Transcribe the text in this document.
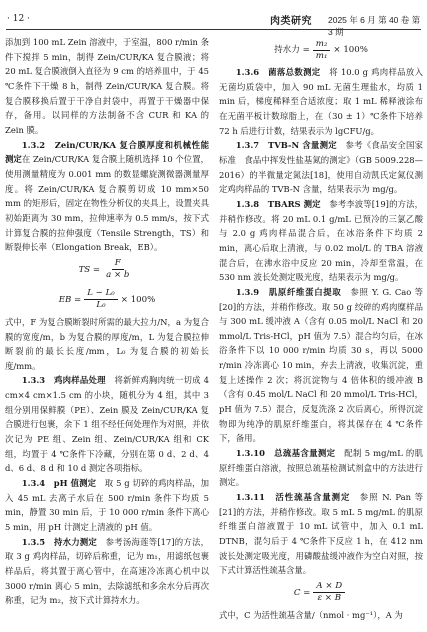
· 12 ·	肉类研究 2025 年 6 月 第 40 卷 第 3 期

添加到 100 mL Zein 溶液中，于室温，800 r/min 条件下搅拌 5 min，制得 Zein/CUR/KA 复合膜液；将 20 mL 复合膜液倒入直径为 9 cm 的培养皿中，于 45 ℃条件下干燥 8 h，制得 Zein/CUR/KA 复合膜。将复合膜移换后置于干净自封袋中，再置于干燥器中保存，备用。以同样的方法制备不含 CUR 和 KA 的 Zein 膜。

1.3.2　Zein/CUR/KA 复合膜厚度和机械性能测定在 Zein/CUR/KA 复合膜上随机选择 10 个位置，使用测量精度为 0.001 mm 的数显螺旋测微器测量厚度。将 Zein/CUR/KA 复合膜剪切成 10 mm×50 mm 的矩形后，固定在物性分析仪的夹具上，设置夹具初始距离为 30 mm，拉伸速率为 0.5 mm/s，按下式计算复合膜的拉伸强度（Tensile Strength，TS）和断裂伸长率（Elongation Break，EB）。

TS = $\frac{F}{a \times b}$
EB = $\frac{\text{L − L₀}}{\text{L₀}} \times 100\%$

式中，F 为复合膜断裂时所需的最大拉力/N，a 为复合膜的宽度/m，b 为复合膜的厚度/m，L 为复合膜拉伸断裂前的最长长度/mm，L₀ 为复合膜的初始长度/mm。

1.3.3　鸡肉样品处理　 将新鲜鸡胸肉统一切成 4 cm×4 cm×1.5 cm 的小块，随机分为 4 组，其中 3 组分别用保鲜膜（PE）、Zein 膜及 Zein/CUR/KA 复合膜进行包裹，余下 1 组不经任何处理作为对照，并依次记为 PE 组、Zein 组、Zein/CUR/KA 组和 CK 组，均置于 4 ℃条件下冷藏，分别在第 0 d、2 d、4 d、6 d、8 d 和 10 d 测定各项指标。

1.3.4　pH 值测定　 取 5 g 切碎的鸡肉样品，加入 45 mL 去离子水后在 500 r/min 条件下均质 5 min，静置 30 min 后，于 10 000 r/min 条件下离心 5 min，用 pH 计测定上清液的 pH 值。

1.3.5　持水力测定　 参考汤海莲等[17]的方法，取 3 g 鸡肉样品，切碎后称重，记为 m₁，用滤纸包裹样品后，将其置于离心管中，在高速冷冻离心机中以 3000 r/min 离心 5 min，去除滤纸和多余水分后再次称重，记为 m₂，按下式计算持水力。

持水力 = $\frac{\text{m₂}}{\text{m₁}} \times 100\%$

1.3.6　菌落总数测定　 将 10.0 g 鸡肉样品放入无菌均质袋中，加入 90 mL 无菌生理盐水，均质 1 min 后，梯度稀释至合适浓度；取 1 mL 稀释液涂布在无菌平板计数琼脂上，在（30 ± 1）℃条件下培养 72 h 后进行计数，结果表示为 lgCFU/g。

1.3.7　TVB-N 含量测定　 参考《食品安全国家标准　食品中挥发性盐基氮的测定》（GB 5009.228—2016）的半微量定氮法[18]，使用自动凯氏定氮仪测定鸡肉样品的 TVB-N 含量，结果表示为 mg/g。

1.3.8　TBARS 测定　 参考李波等[19]的方法，并稍作修改。将 20 mL 0.1 g/mL 已预冷的三氯乙酸与 2.0 g 鸡肉样品混合后，在冰浴条件下均质 2 min，离心后取上清液，与 0.02 mol/L 的 TBA 溶液混合后，在沸水浴中反应 20 min，冷却至常温，在 530 nm 波长处测定吸光度，结果表示为 mg/g。

1.3.9　肌原纤维蛋白提取　 参照 Y. G. Cao 等[20]的方法，并稍作修改。取 50 g 绞碎的鸡肉糜样品与 300 mL 缓冲液 A（含有 0.05 mol/L NaCl 和 20 mmol/L Tris-HCl，pH 值为 7.5）混合均匀后，在冰浴条件下以 10 000 r/min 均质 30 s，再以 5000 r/min 冷冻离心 10 min，弃去上清液，收集沉淀，重复上述操作 2 次；将沉淀物与 4 倍体积的缓冲液 B（含有 0.45 mol/L NaCl 和 20 mmol/L Tris-HCl，pH 值为 7.5）混合，反复洗涤 2 次后离心，所得沉淀物即为纯净的肌原纤维蛋白，将其保存在 4 ℃条件下，备用。

1.3.10　总巯基含量测定　 配制 5 mg/mL 的肌原纤维蛋白溶液，按照总巯基检测试剂盒中的方法进行测定。

1.3.11　活性巯基含量测定　 参照 N. Pan 等[21]的方法，并稍作修改。取 5 mL 5 mg/mL 的肌原纤维蛋白溶液置于 10 mL 试管中，加入 0.1 mL DTNB，混匀后于 4 ℃条件下反应 1 h，在 412 nm 波长处测定吸光度，用磷酸盐缓冲液作为空白对照，按下式计算活性巯基含量。

$C = \frac{A \times D}{\varepsilon \times B}$

式中，C 为活性巯基含量/（nmol · mg⁻¹），A 为
